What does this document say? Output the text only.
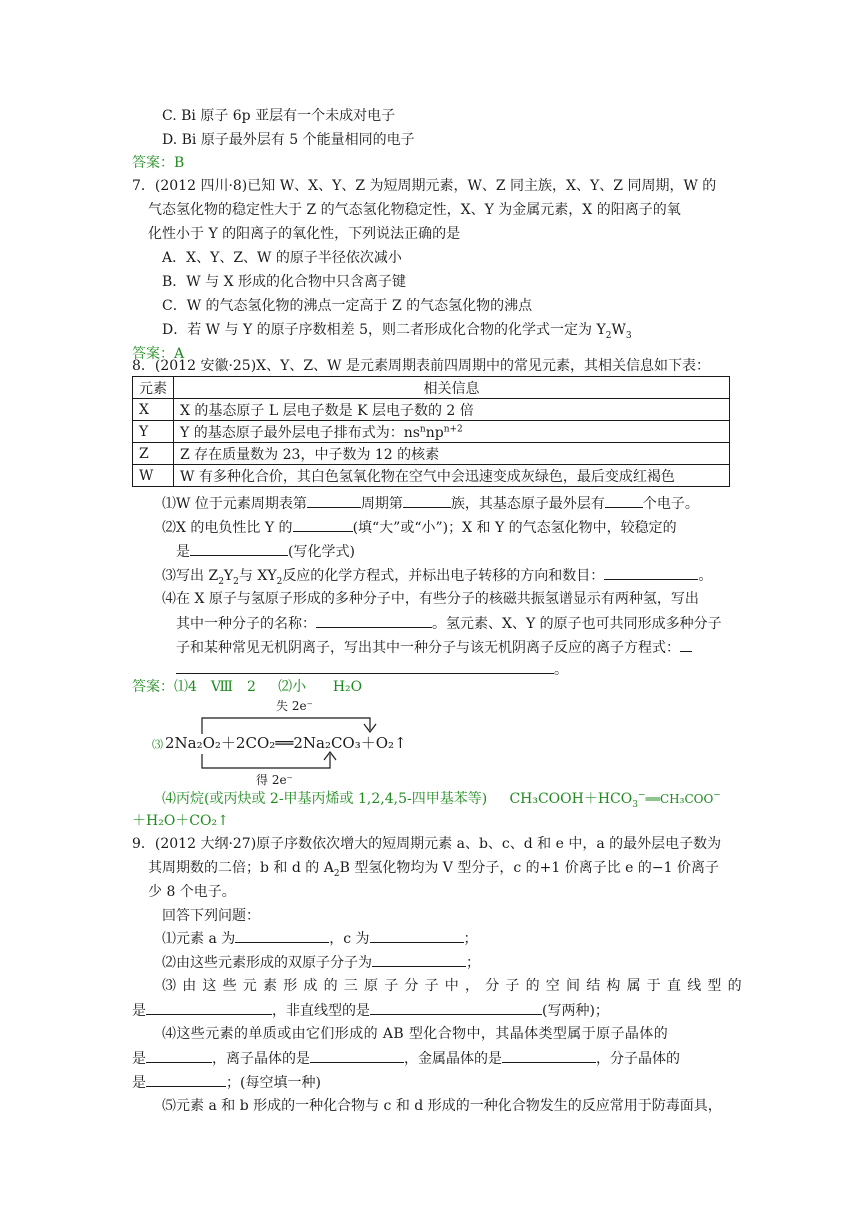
C. Bi 原子 6p 亚层有一个未成对电子
D. Bi 原子最外层有 5 个能量相同的电子
答案：B
7．(2012 四川·8)已知 W、X、Y、Z 为短周期元素，W、Z 同主族，X、Y、Z 同周期，W 的
气态氢化物的稳定性大于 Z 的气态氢化物稳定性，X、Y 为金属元素，X 的阳离子的氧
化性小于 Y 的阳离子的氧化性，下列说法正确的是
A．X、Y、Z、W 的原子半径依次减小
B．W 与 X 形成的化合物中只含离子键
C．W 的气态氢化物的沸点一定高于 Z 的气态氢化物的沸点
D．若 W 与 Y 的原子序数相差 5，则二者形成化合物的化学式一定为 $Y_2W_3$
答案：A
8．(2012 安徽·25)X、Y、Z、W 是元素周期表前四周期中的常见元素，其相关信息如下表：
元素	相关信息
X	X 的基态原子 L 层电子数是 K 层电子数的 2 倍
Y	Y 的基态原子最外层电子排布式为：$ns^nnp^{n+2}$
Z	Z 存在质量数为 23，中子数为 12 的核素
W	W 有多种化合价，其白色氢氧化物在空气中会迅速变成灰绿色，最后变成红褐色
⑴W 位于元素周期表第	周期第	族，其基态原子最外层有	个电子。
⑵X 的电负性比 Y 的	(填“大”或“小”)；X 和 Y 的气态氢化物中，较稳定的
是	(写化学式)
⑶写出 $Z_2Y_2$与 $XY_2$反应的化学方程式，并标出电子转移的方向和数目：	。
⑷在 X 原子与氢原子形成的多种分子中，有些分子的核磁共振氢谱显示有两种氢，写出
其中一种分子的名称：	。氢元素、X、Y 的原子也可共同形成多种分子
子和某种常见无机阴离子，写出其中一种分子与该无机阴离子反应的离子方程式：
。
答案：⑴4　Ⅷ　2 ⑵小 H₂O
失 2e⁻
⑶ 2Na₂O₂＋2CO₂══2Na₂CO₃＋O₂↑
得 2e⁻
⑷丙烷(或丙炔或 2-甲基丙烯或 1,2,4,5-四甲基苯等) $CH_3COOH+HCO_3^-══CH_3COO^-$
＋H₂O＋CO₂↑
9．(2012 大纲·27)原子序数依次增大的短周期元素 a、b、c、d 和 e 中，a 的最外层电子数为
其周期数的二倍；b 和 d 的 $A_2B$ 型氢化物均为 V 型分子，c 的+1 价离子比 e 的−1 价离子
少 8 个电子。
回答下列问题：
⑴元素 a 为	，c 为	；
⑵由这些元素形成的双原子分子为	；
⑶由这些元素形成的三原子分子中，分子的空间结构属于直线型的
是	，非直线型的是	(写两种)；
⑷这些元素的单质或由它们形成的 AB 型化合物中，其晶体类型属于原子晶体的
是	，离子晶体的是	，金属晶体的是	，分子晶体的
是	；(每空填一种)
⑸元素 a 和 b 形成的一种化合物与 c 和 d 形成的一种化合物发生的反应常用于防毒面具，
